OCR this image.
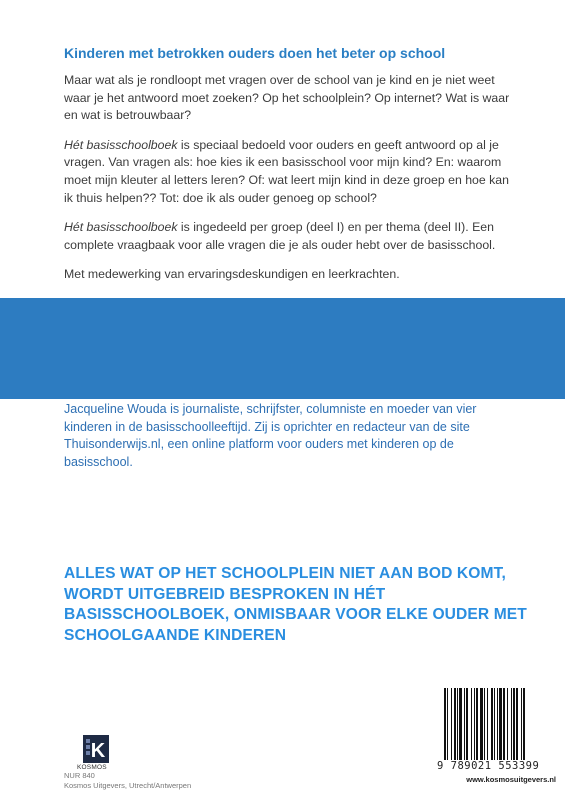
Kinderen met betrokken ouders doen het beter op school

Maar wat als je rondloopt met vragen over de school van je kind en je niet weet waar je het antwoord moet zoeken? Op het schoolplein? Op internet? Wat is waar en wat is betrouwbaar?

Hét basisschoolboek is speciaal bedoeld voor ouders en geeft antwoord op al je vragen. Van vragen als: hoe kies ik een basisschool voor mijn kind? En: waarom moet mijn kleuter al letters leren? Of: wat leert mijn kind in deze groep en hoe kan ik thuis helpen?? Tot: doe ik als ouder genoeg op school?

Hét basisschoolboek is ingedeeld per groep (deel I) en per thema (deel II). Een complete vraagbaak voor alle vragen die je als ouder hebt over de basisschool.

Met medewerking van ervaringsdeskundigen en leerkrachten.

Jacqueline Wouda is journaliste, schrijfster, columniste en moeder van vier kinderen in de basisschoolleeftijd. Zij is oprichter en redacteur van de site Thuisonderwijs.nl, een online platform voor ouders met kinderen op de basisschool.
ALLES WAT OP HET SCHOOLPLEIN NIET AAN BOD KOMT, WORDT UITGEBREID BESPROKEN IN HÉT BASISSCHOOLBOEK, ONMISBAAR VOOR ELKE OUDER MET SCHOOLGAANDE KINDEREN
K
KOSMOS
NUR 840
Kosmos Uitgevers, Utrecht/Antwerpen
9 789021 553399
www.kosmosuitgevers.nl
